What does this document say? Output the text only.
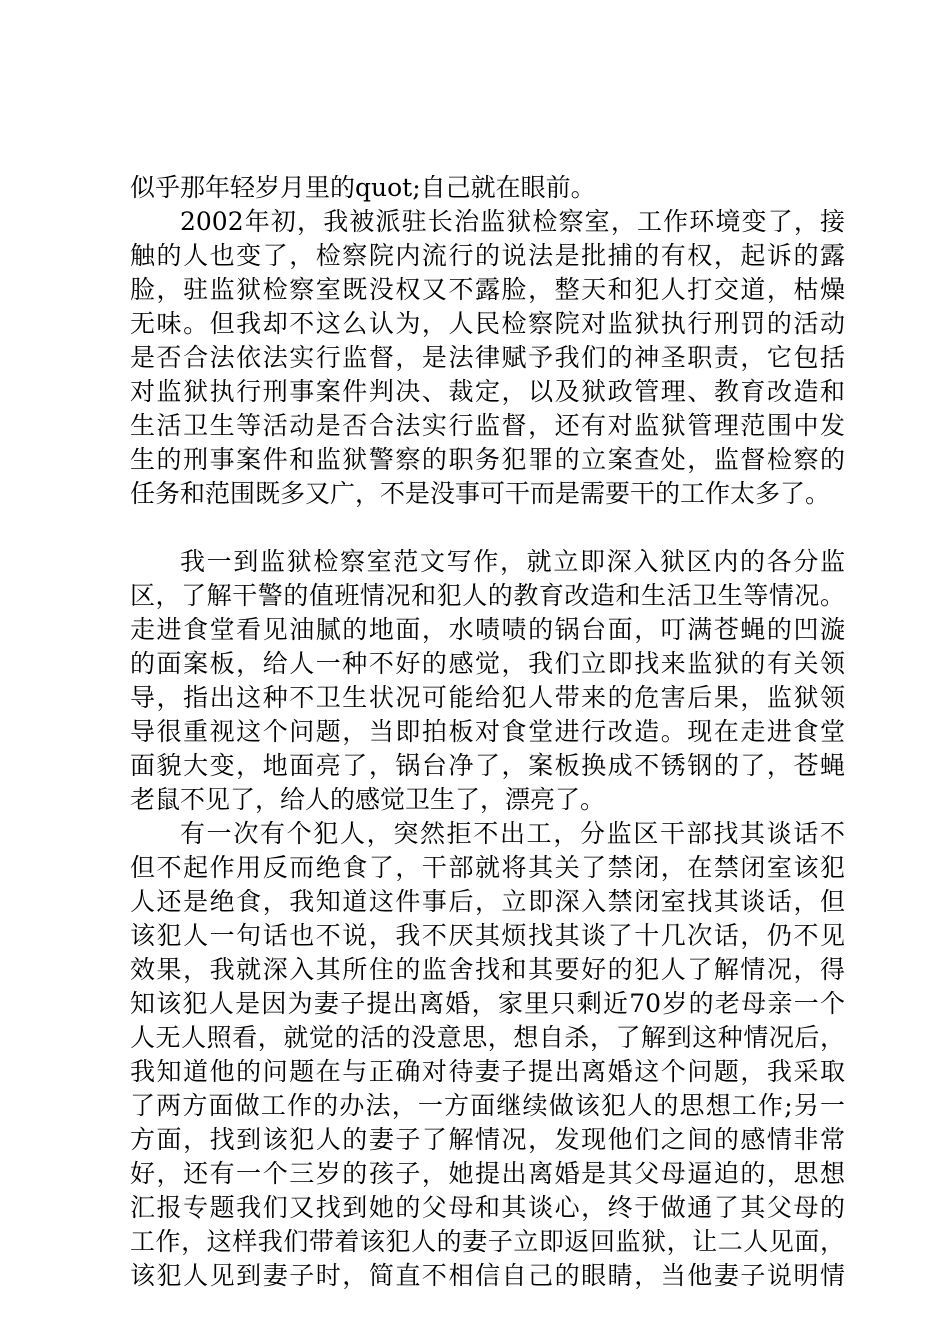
似乎那年轻岁月里的quot;自己就在眼前。
2002年初，我被派驻长治监狱检察室，工作环境变了，接
触的人也变了，检察院内流行的说法是批捕的有权，起诉的露
脸，驻监狱检察室既没权又不露脸，整天和犯人打交道，枯燥
无味。但我却不这么认为，人民检察院对监狱执行刑罚的活动
是否合法依法实行监督，是法律赋予我们的神圣职责，它包括
对监狱执行刑事案件判决、裁定，以及狱政管理、教育改造和
生活卫生等活动是否合法实行监督，还有对监狱管理范围中发
生的刑事案件和监狱警察的职务犯罪的立案查处，监督检察的
任务和范围既多又广，不是没事可干而是需要干的工作太多了。
我一到监狱检察室范文写作，就立即深入狱区内的各分监
区，了解干警的值班情况和犯人的教育改造和生活卫生等情况。
走进食堂看见油腻的地面，水啧啧的锅台面，叮满苍蝇的凹漩
的面案板，给人一种不好的感觉，我们立即找来监狱的有关领
导，指出这种不卫生状况可能给犯人带来的危害后果，监狱领
导很重视这个问题，当即拍板对食堂进行改造。现在走进食堂
面貌大变，地面亮了，锅台净了，案板换成不锈钢的了，苍蝇
老鼠不见了，给人的感觉卫生了，漂亮了。
有一次有个犯人，突然拒不出工，分监区干部找其谈话不
但不起作用反而绝食了，干部就将其关了禁闭，在禁闭室该犯
人还是绝食，我知道这件事后，立即深入禁闭室找其谈话，但
该犯人一句话也不说，我不厌其烦找其谈了十几次话，仍不见
效果，我就深入其所住的监舍找和其要好的犯人了解情况，得
知该犯人是因为妻子提出离婚，家里只剩近70岁的老母亲一个
人无人照看，就觉的活的没意思，想自杀，了解到这种情况后，
我知道他的问题在与正确对待妻子提出离婚这个问题，我采取
了两方面做工作的办法，一方面继续做该犯人的思想工作;另一
方面，找到该犯人的妻子了解情况，发现他们之间的感情非常
好，还有一个三岁的孩子，她提出离婚是其父母逼迫的，思想
汇报专题我们又找到她的父母和其谈心，终于做通了其父母的
工作，这样我们带着该犯人的妻子立即返回监狱，让二人见面，
该犯人见到妻子时，简直不相信自己的眼睛，当他妻子说明情
